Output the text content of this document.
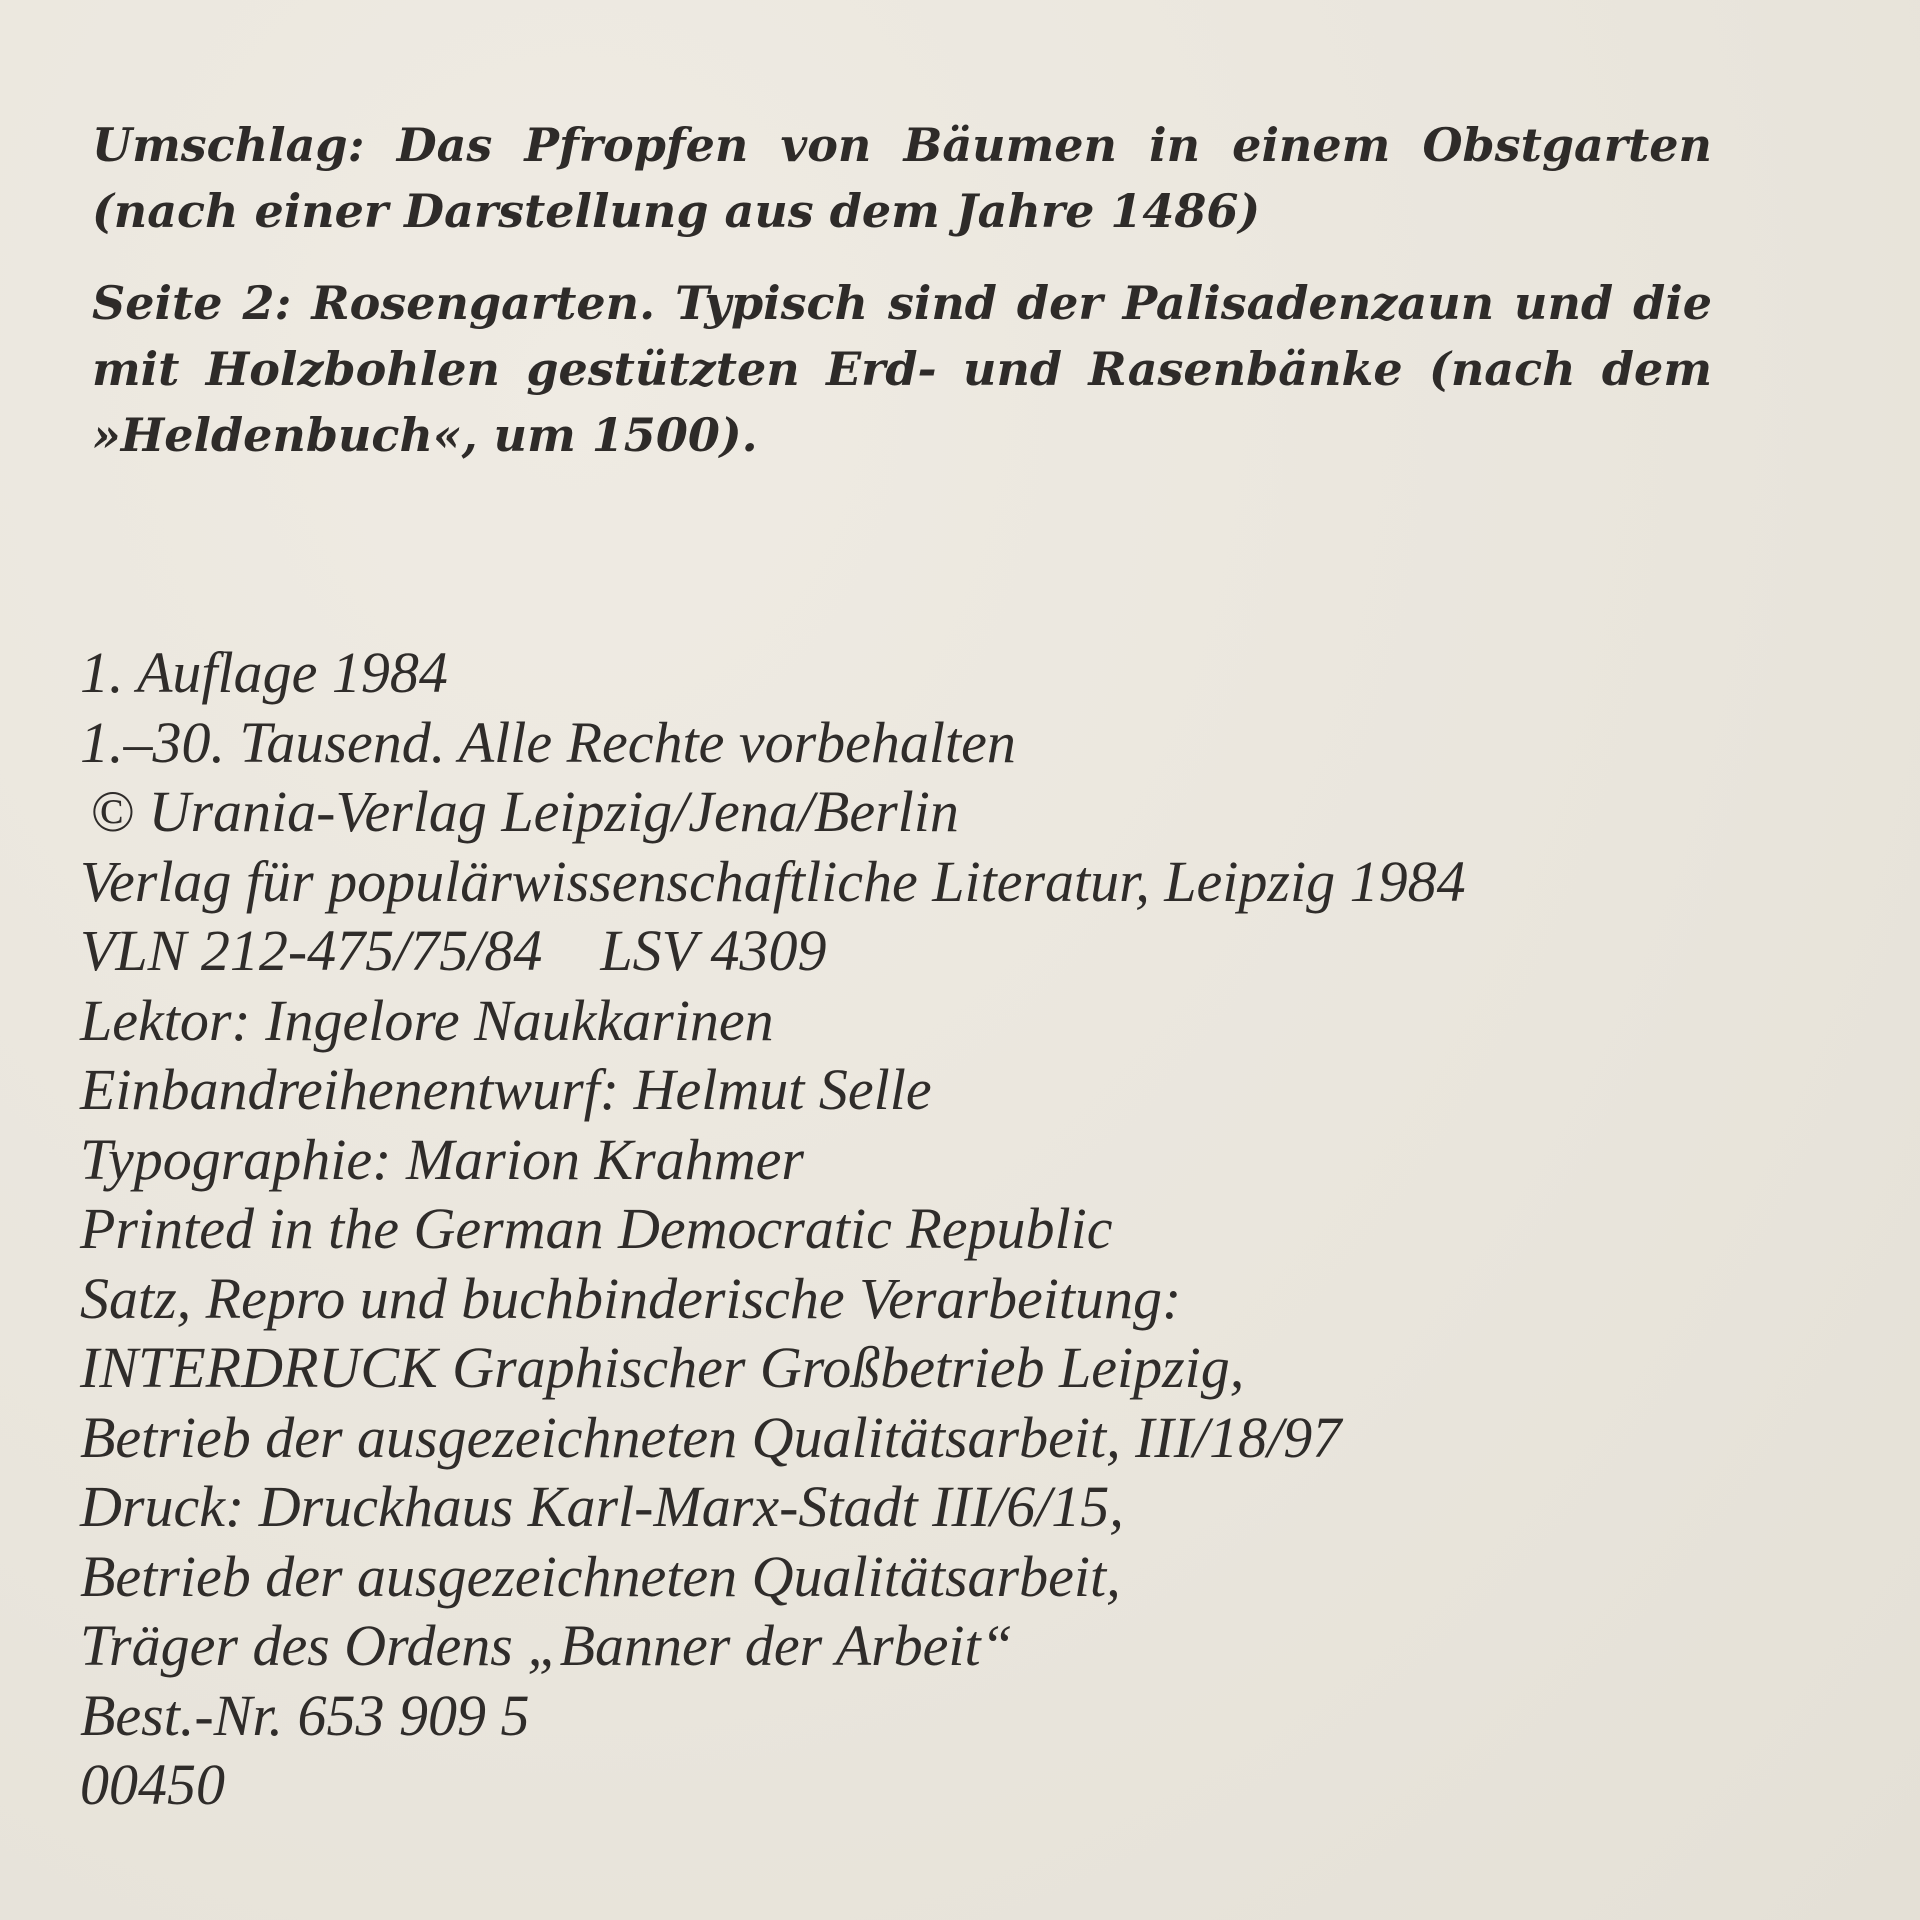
Umschlag: Das Pfropfen von Bäumen in einem Obstgarten (nach einer Darstellung aus dem Jahre 1486)

Seite 2: Rosengarten. Typisch sind der Palisadenzaun und die mit Holzbohlen gestützten Erd- und Rasenbänke (nach dem »Heldenbuch«, um 1500).

1. Auflage 1984

1.–30. Tausend. Alle Rechte vorbehalten

© Urania-Verlag Leipzig/Jena/Berlin

Verlag für populärwissenschaftliche Literatur, Leipzig 1984

VLN 212-475/75/84 LSV 4309

Lektor: Ingelore Naukkarinen

Einbandreihenentwurf: Helmut Selle

Typographie: Marion Krahmer

Printed in the German Democratic Republic

Satz, Repro und buchbinderische Verarbeitung:

INTERDRUCK Graphischer Großbetrieb Leipzig,

Betrieb der ausgezeichneten Qualitätsarbeit, III/18/97

Druck: Druckhaus Karl-Marx-Stadt III/6/15,

Betrieb der ausgezeichneten Qualitätsarbeit,

Träger des Ordens „Banner der Arbeit“

Best.-Nr. 653 909 5

00450
